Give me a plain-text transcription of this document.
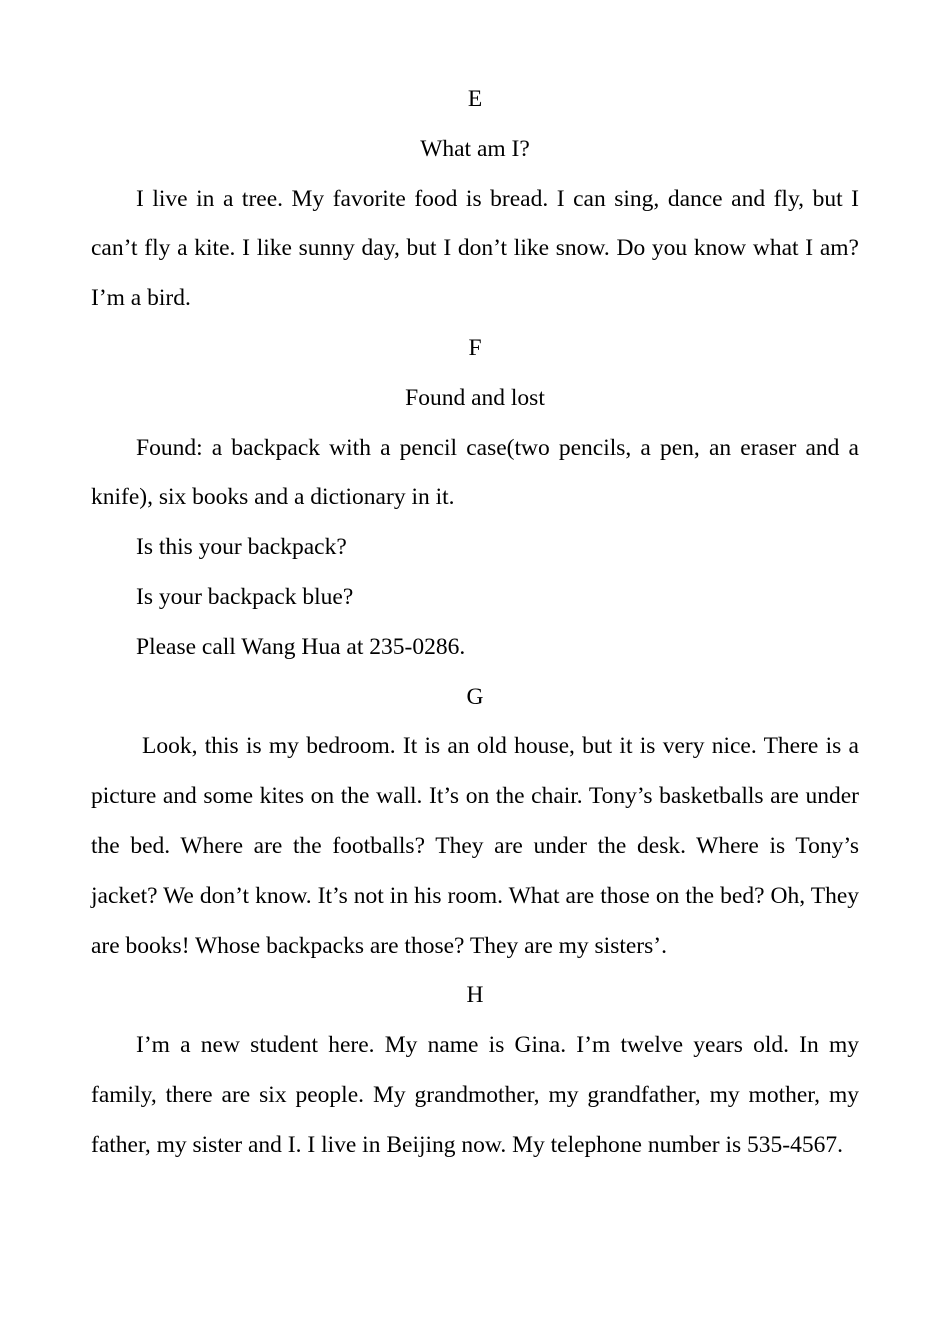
E
What am I?
I live in a tree. My favorite food is bread. I can sing, dance and fly, but I can’t fly a kite. I like sunny day, but I don’t like snow. Do you know what I am? I’m a bird.
F
Found and lost
Found: a backpack with a pencil case(two pencils, a pen, an eraser and a knife), six books and a dictionary in it.
Is this your backpack?
Is your backpack blue?
Please call Wang Hua at 235-0286.
G
Look, this is my bedroom. It is an old house, but it is very nice. There is a picture and some kites on the wall. It’s on the chair. Tony’s basketballs are under the bed. Where are the footballs? They are under the desk. Where is Tony’s jacket? We don’t know. It’s not in his room. What are those on the bed? Oh, They are books! Whose backpacks are those? They are my sisters’.
H
I’m a new student here. My name is Gina. I’m twelve years old. In my family, there are six people. My grandmother, my grandfather, my mother, my father, my sister and I. I live in Beijing now. My telephone number is 535-4567.
